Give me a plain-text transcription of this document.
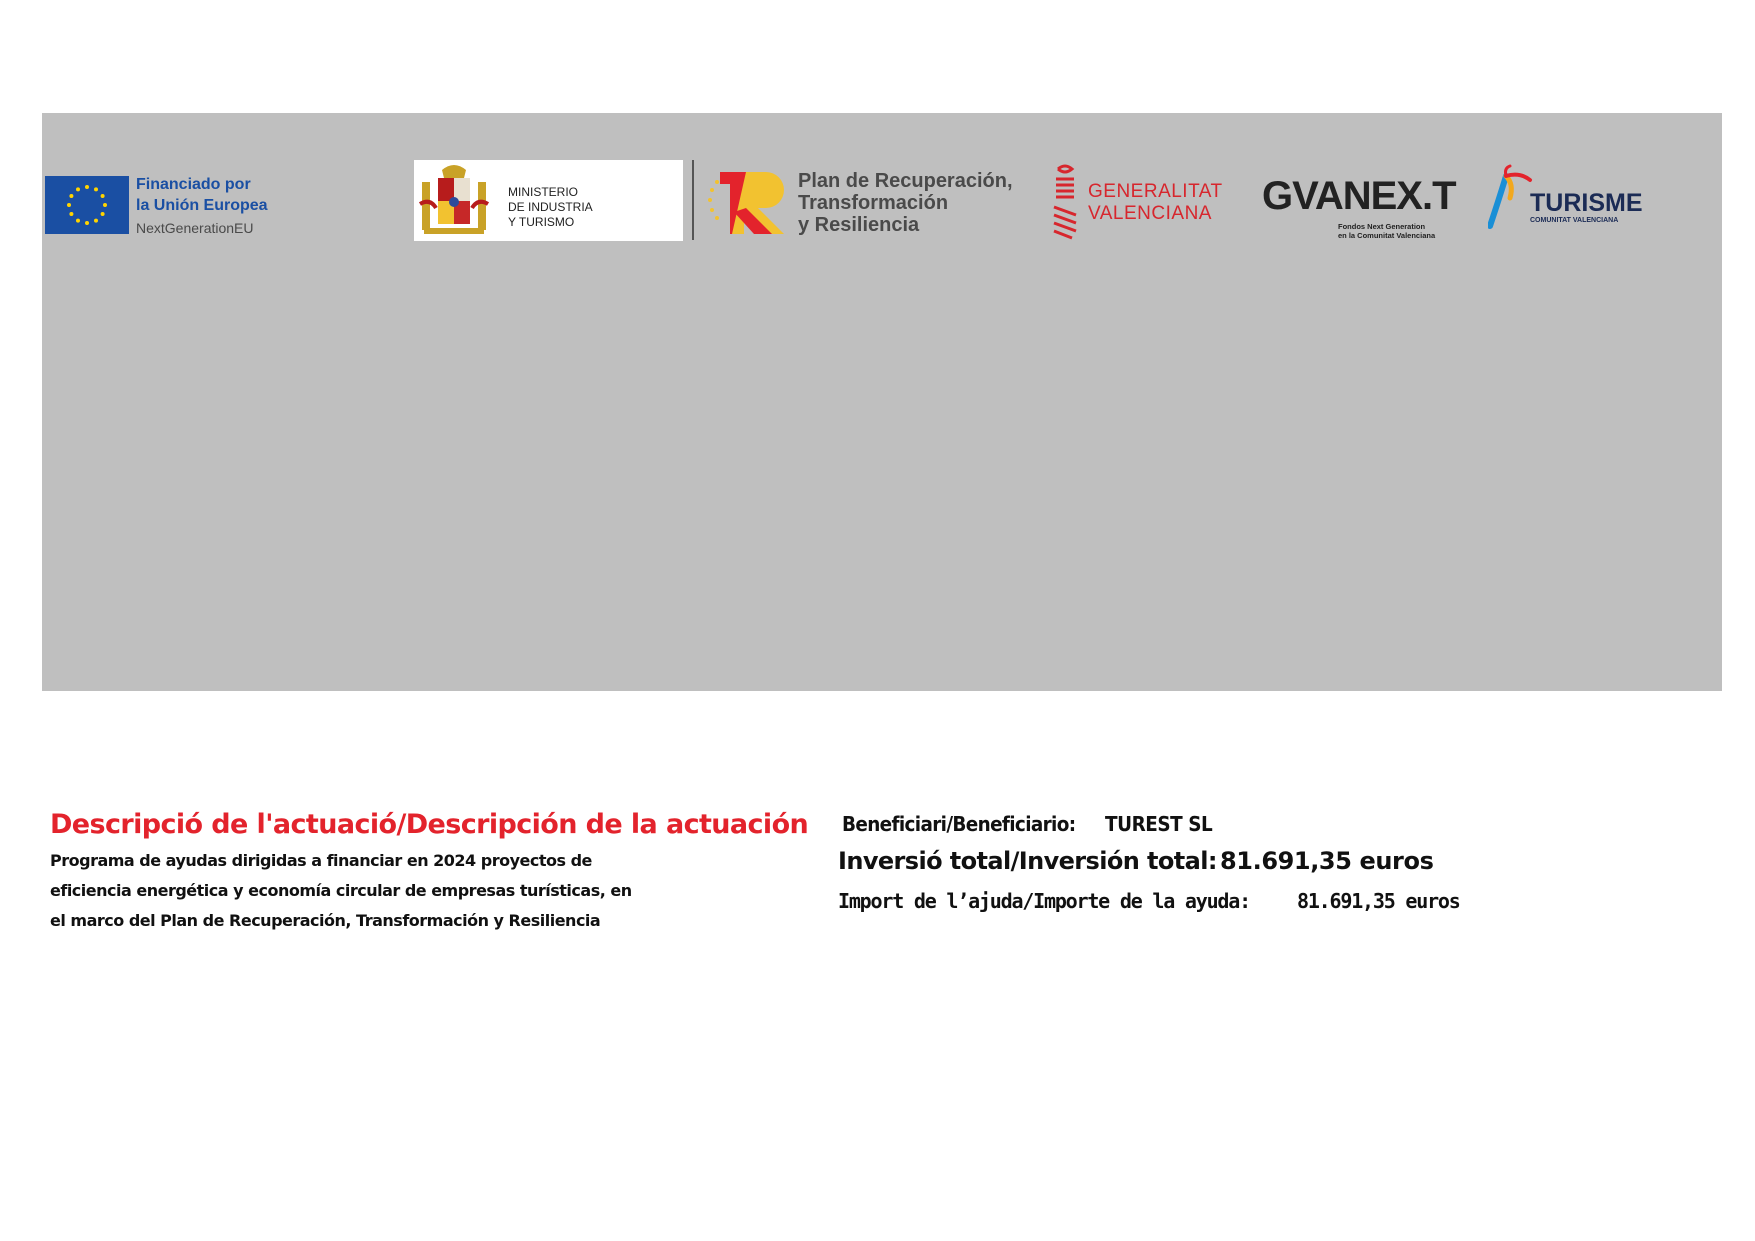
Financiado por
la Unión Europea
NextGenerationEU
MINISTERIO
DE INDUSTRIA
Y TURISMO
Plan de Recuperación,
Transformación
y Resiliencia
GENERALITAT
VALENCIANA GVANEX.T
Fondos Next Generation
en la Comunitat Valenciana
TURISME
COMUNITAT VALENCIANA
Descripció de l'actuació/Descripción de la actuación
Programa de ayudas dirigidas a financiar en 2024 proyectos de
eficiencia energética y economía circular de empresas turísticas, en
el marco del Plan de Recuperación, Transformación y Resiliencia
Beneficiari/Beneficiario: TUREST SL
Inversió total/Inversión total: 81.691,35 euros
Import de l’ajuda/Importe de la ayuda: 81.691,35 euros
